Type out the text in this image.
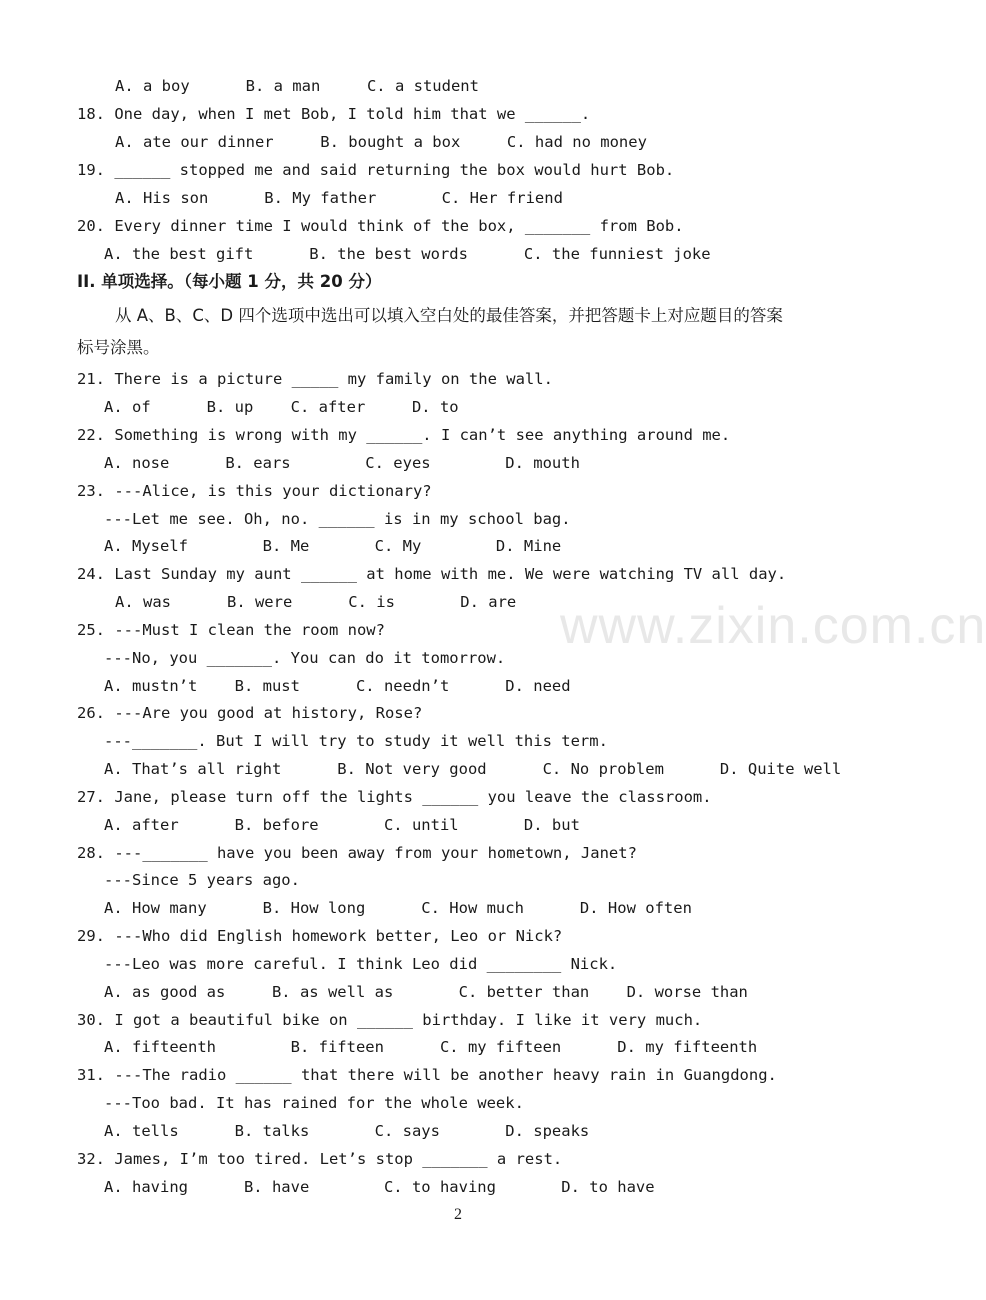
www.zixin.com.cn
A. a boy      B. a man     C. a student
18. One day, when I met Bob, I told him that we ______.
A. ate our dinner     B. bought a box     C. had no money
19. ______ stopped me and said returning the box would hurt Bob.
A. His son      B. My father       C. Her friend
20. Every dinner time I would think of the box, _______ from Bob.
A. the best gift      B. the best words      C. the funniest joke
II. 单项选择。（每小题 1 分，共 20 分）
从 A、B、C、D 四个选项中选出可以填入空白处的最佳答案，并把答题卡上对应题目的答案
标号涂黑。
21. There is a picture _____ my family on the wall.
A. of      B. up    C. after     D. to
22. Something is wrong with my ______. I can’t see anything around me.
A. nose      B. ears        C. eyes        D. mouth
23. ---Alice, is this your dictionary?
---Let me see. Oh, no. ______ is in my school bag.
A. Myself        B. Me       C. My        D. Mine
24. Last Sunday my aunt ______ at home with me. We were watching TV all day.
A. was      B. were      C. is       D. are
25. ---Must I clean the room now?
---No, you _______. You can do it tomorrow.
A. mustn’t    B. must      C. needn’t      D. need
26. ---Are you good at history, Rose?
---_______. But I will try to study it well this term.
A. That’s all right      B. Not very good      C. No problem      D. Quite well
27. Jane, please turn off the lights ______ you leave the classroom.
A. after      B. before       C. until       D. but
28. ---_______ have you been away from your hometown, Janet?
---Since 5 years ago.
A. How many      B. How long      C. How much      D. How often
29. ---Who did English homework better, Leo or Nick?
---Leo was more careful. I think Leo did ________ Nick.
A. as good as     B. as well as       C. better than    D. worse than
30. I got a beautiful bike on ______ birthday. I like it very much.
A. fifteenth        B. fifteen      C. my fifteen      D. my fifteenth
31. ---The radio ______ that there will be another heavy rain in Guangdong.
---Too bad. It has rained for the whole week.
A. tells      B. talks       C. says       D. speaks
32. James, I’m too tired. Let’s stop _______ a rest.
A. having      B. have        C. to having       D. to have
2
